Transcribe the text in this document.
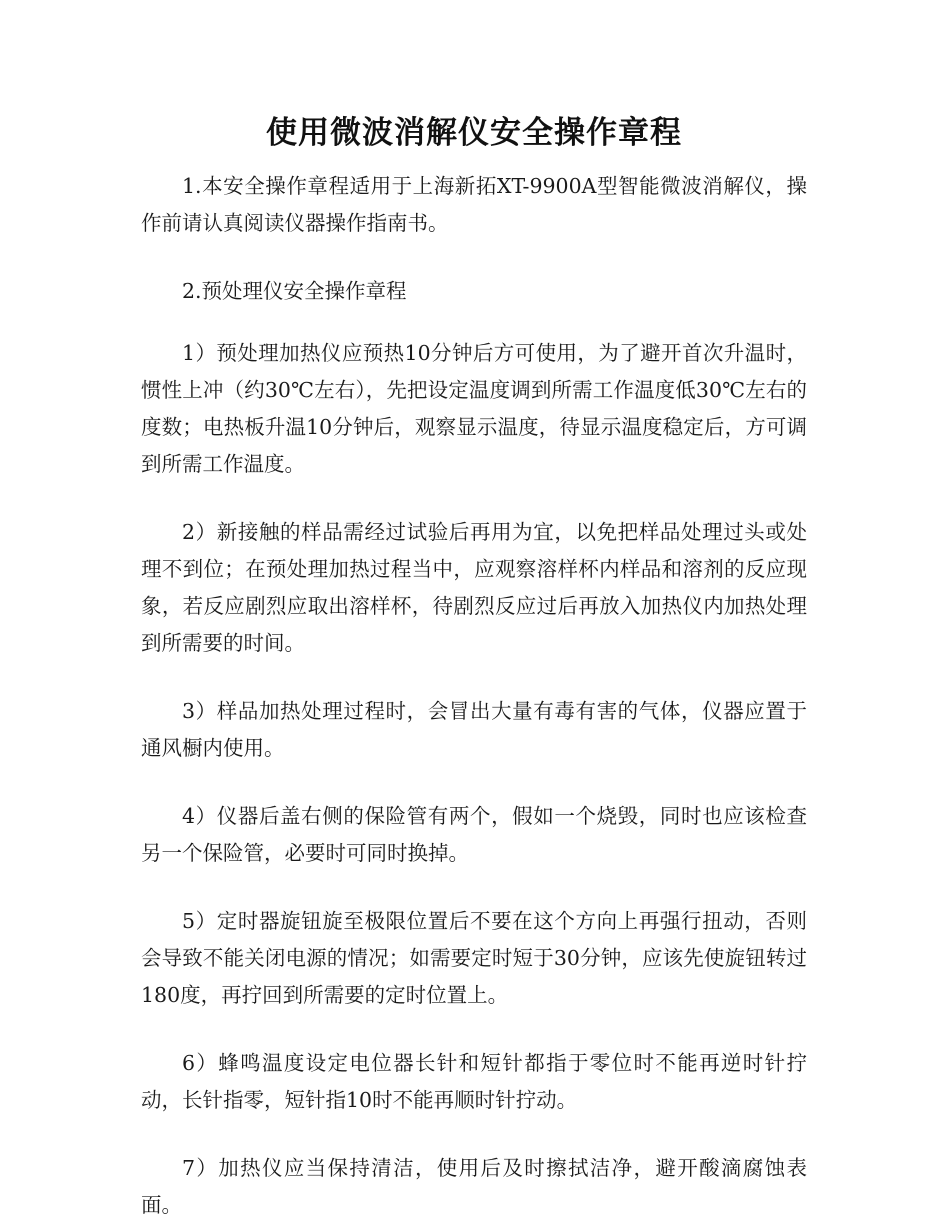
使用微波消解仪安全操作章程

1.本安全操作章程适用于上海新拓XT-9900A型智能微波消解仪，操作前请认真阅读仪器操作指南书。

2.预处理仪安全操作章程

1）预处理加热仪应预热10分钟后方可使用，为了避开首次升温时，惯性上冲（约30℃左右），先把设定温度调到所需工作温度低30℃左右的度数；电热板升温10分钟后，观察显示温度，待显示温度稳定后，方可调到所需工作温度。

2）新接触的样品需经过试验后再用为宜，以免把样品处理过头或处理不到位；在预处理加热过程当中，应观察溶样杯内样品和溶剂的反应现象，若反应剧烈应取出溶样杯，待剧烈反应过后再放入加热仪内加热处理到所需要的时间。

3）样品加热处理过程时，会冒出大量有毒有害的气体，仪器应置于通风橱内使用。

4）仪器后盖右侧的保险管有两个，假如一个烧毁，同时也应该检查另一个保险管，必要时可同时换掉。

5）定时器旋钮旋至极限位置后不要在这个方向上再强行扭动，否则会导致不能关闭电源的情况；如需要定时短于30分钟，应该先使旋钮转过180度，再拧回到所需要的定时位置上。

6）蜂鸣温度设定电位器长针和短针都指于零位时不能再逆时针拧动，长针指零，短针指10时不能再顺时针拧动。

7）加热仪应当保持清洁，使用后及时擦拭洁净，避开酸滴腐蚀表面。
